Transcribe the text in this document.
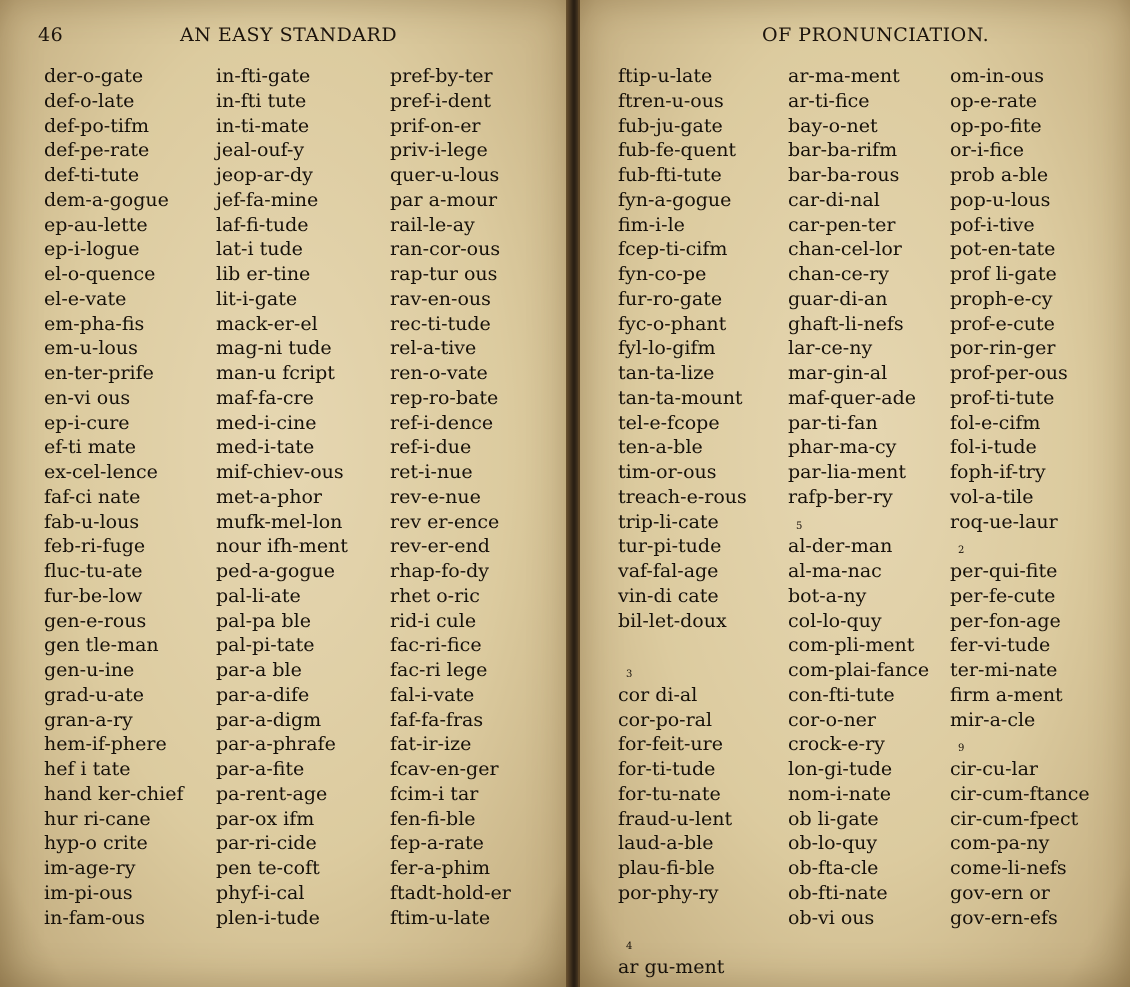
46	AN EASY STANDARD
der-o-gate
def-o-late
def-po-tifm
def-pe-rate
def-ti-tute
dem-a-gogue
ep-au-lette
ep-i-logue
el-o-quence
el-e-vate
em-pha-fis
em-u-lous
en-ter-prife
en-vi ous
ep-i-cure
ef-ti mate
ex-cel-lence
faf-ci nate
fab-u-lous
feb-ri-fuge
fluc-tu-ate
fur-be-low
gen-e-rous
gen tle-man
gen-u-ine
grad-u-ate
gran-a-ry
hem-if-phere
hef i tate
hand ker-chief
hur ri-cane
hyp-o crite
im-age-ry
im-pi-ous
in-fam-ous
in-fti-gate
in-fti tute
in-ti-mate
jeal-ouf-y
jeop-ar-dy
jef-fa-mine
laf-fi-tude
lat-i tude
lib er-tine
lit-i-gate
mack-er-el
mag-ni tude
man-u fcript
maf-fa-cre
med-i-cine
med-i-tate
mif-chiev-ous
met-a-phor
mufk-mel-lon
nour ifh-ment
ped-a-gogue
pal-li-ate
pal-pa ble
pal-pi-tate
par-a ble
par-a-dife
par-a-digm
par-a-phrafe
par-a-fite
pa-rent-age
par-ox ifm
par-ri-cide
pen te-coft
phyf-i-cal
plen-i-tude
pref-by-ter
pref-i-dent
prif-on-er
priv-i-lege
quer-u-lous
par a-mour
rail-le-ay
ran-cor-ous
rap-tur ous
rav-en-ous
rec-ti-tude
rel-a-tive
ren-o-vate
rep-ro-bate
ref-i-dence
ref-i-due
ret-i-nue
rev-e-nue
rev er-ence
rev-er-end
rhap-fo-dy
rhet o-ric
rid-i cule
fac-ri-fice
fac-ri lege
fal-i-vate
faf-fa-fras
fat-ir-ize
fcav-en-ger
fcim-i tar
fen-fi-ble
fep-a-rate
fer-a-phim
ftadt-hold-er
ftim-u-late
OF PRONUNCIATION.
ftip-u-late
ftren-u-ous
fub-ju-gate
fub-fe-quent
fub-fti-tute
fyn-a-gogue
fim-i-le
fcep-ti-cifm
fyn-co-pe
fur-ro-gate
fyc-o-phant
fyl-lo-gifm
tan-ta-lize
tan-ta-mount
tel-e-fcope
ten-a-ble
tim-or-ous
treach-e-rous
trip-li-cate
tur-pi-tude
vaf-fal-age
vin-di cate
bil-let-doux
3
cor di-al
cor-po-ral
for-feit-ure
for-ti-tude
for-tu-nate
fraud-u-lent
laud-a-ble
plau-fi-ble
por-phy-ry
4
ar gu-ment
ar-ma-ment
ar-ti-fice
bay-o-net
bar-ba-rifm
bar-ba-rous
car-di-nal
car-pen-ter
chan-cel-lor
chan-ce-ry
guar-di-an
ghaft-li-nefs
lar-ce-ny
mar-gin-al
maf-quer-ade
par-ti-fan
phar-ma-cy
par-lia-ment
rafp-ber-ry
5
al-der-man
al-ma-nac
bot-a-ny
col-lo-quy
com-pli-ment
com-plai-fance
con-fti-tute
cor-o-ner
crock-e-ry
lon-gi-tude
nom-i-nate
ob li-gate
ob-lo-quy
ob-fta-cle
ob-fti-nate
ob-vi ous
om-in-ous
op-e-rate
op-po-fite
or-i-fice
prob a-ble
pop-u-lous
pof-i-tive
pot-en-tate
prof li-gate
proph-e-cy
prof-e-cute
por-rin-ger
prof-per-ous
prof-ti-tute
fol-e-cifm
fol-i-tude
foph-if-try
vol-a-tile
roq-ue-laur
2
per-qui-fite
per-fe-cute
per-fon-age
fer-vi-tude
ter-mi-nate
firm a-ment
mir-a-cle
9
cir-cu-lar
cir-cum-ftance
cir-cum-fpect
com-pa-ny
come-li-nefs
gov-ern or
gov-ern-efs
